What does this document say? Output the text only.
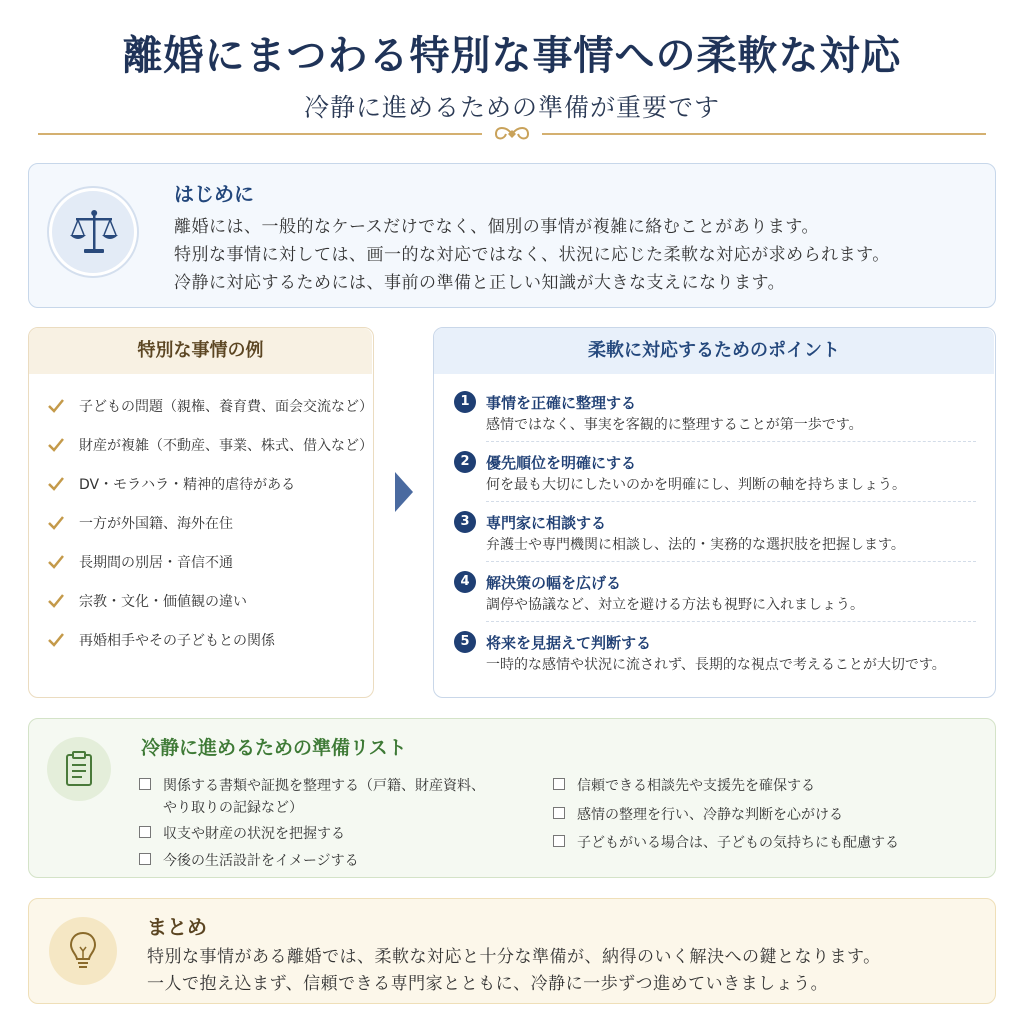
離婚にまつわる特別な事情への柔軟な対応
冷静に進めるための準備が重要です
はじめに
離婚には、一般的なケースだけでなく、個別の事情が複雑に絡むことがあります。
特別な事情に対しては、画一的な対応ではなく、状況に応じた柔軟な対応が求められます。
冷静に対応するためには、事前の準備と正しい知識が大きな支えになります。
特別な事情の例
子どもの問題（親権、養育費、面会交流など）
財産が複雑（不動産、事業、株式、借入など）
DV・モラハラ・精神的虐待がある
一方が外国籍、海外在住
長期間の別居・音信不通
宗教・文化・価値観の違い
再婚相手やその子どもとの関係
柔軟に対応するためのポイント
1	事情を正確に整理する
感情ではなく、事実を客観的に整理することが第一歩です。
2	優先順位を明確にする
何を最も大切にしたいのかを明確にし、判断の軸を持ちましょう。
3	専門家に相談する
弁護士や専門機関に相談し、法的・実務的な選択肢を把握します。
4	解決策の幅を広げる
調停や協議など、対立を避ける方法も視野に入れましょう。
5	将来を見据えて判断する
一時的な感情や状況に流されず、長期的な視点で考えることが大切です。
冷静に進めるための準備リスト
関係する書類や証拠を整理する（戸籍、財産資料、
やり取りの記録など）
収支や財産の状況を把握する
今後の生活設計をイメージする
信頼できる相談先や支援先を確保する
感情の整理を行い、冷静な判断を心がける
子どもがいる場合は、子どもの気持ちにも配慮する
まとめ
特別な事情がある離婚では、柔軟な対応と十分な準備が、納得のいく解決への鍵となります。
一人で抱え込まず、信頼できる専門家とともに、冷静に一歩ずつ進めていきましょう。
